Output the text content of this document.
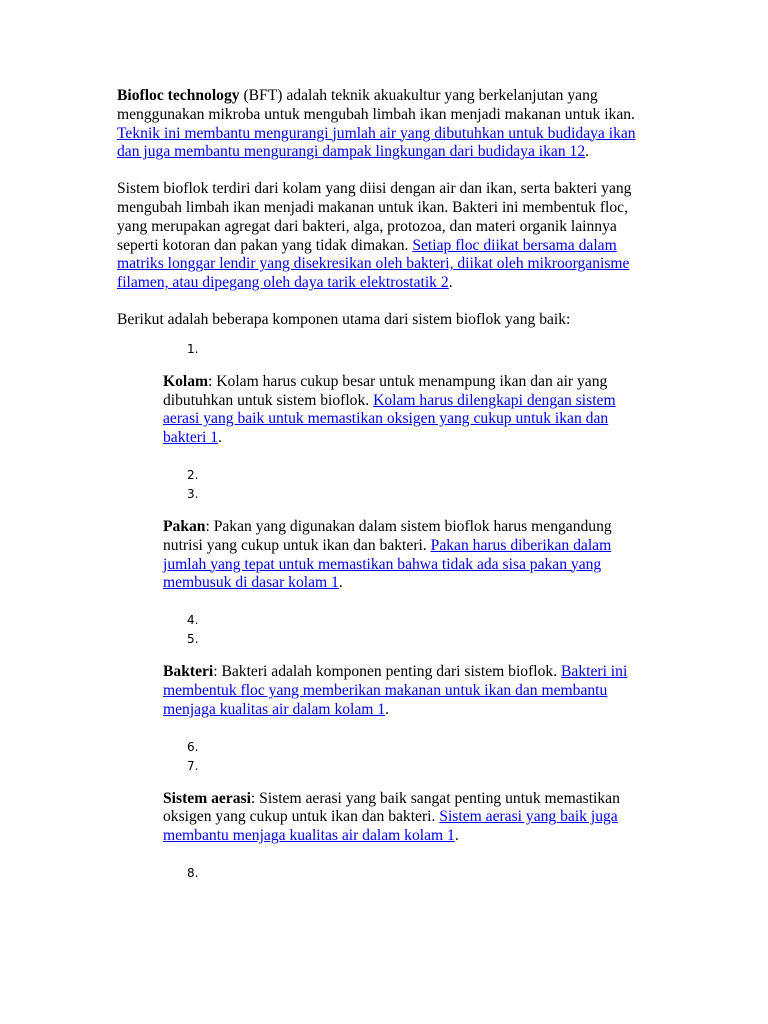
Biofloc technology (BFT) adalah teknik akuakultur yang berkelanjutan yang menggunakan mikroba untuk mengubah limbah ikan menjadi makanan untuk ikan. Teknik ini membantu mengurangi jumlah air yang dibutuhkan untuk budidaya ikan dan juga membantu mengurangi dampak lingkungan dari budidaya ikan 12.

Sistem bioflok terdiri dari kolam yang diisi dengan air dan ikan, serta bakteri yang mengubah limbah ikan menjadi makanan untuk ikan. Bakteri ini membentuk floc, yang merupakan agregat dari bakteri, alga, protozoa, dan materi organik lainnya seperti kotoran dan pakan yang tidak dimakan. Setiap floc diikat bersama dalam matriks longgar lendir yang disekresikan oleh bakteri, diikat oleh mikroorganisme filamen, atau dipegang oleh daya tarik elektrostatik 2.

Berikut adalah beberapa komponen utama dari sistem bioflok yang baik:

1.

Kolam: Kolam harus cukup besar untuk menampung ikan dan air yang dibutuhkan untuk sistem bioflok. Kolam harus dilengkapi dengan sistem aerasi yang baik untuk memastikan oksigen yang cukup untuk ikan dan bakteri 1.

2.

3.

Pakan: Pakan yang digunakan dalam sistem bioflok harus mengandung nutrisi yang cukup untuk ikan dan bakteri. Pakan harus diberikan dalam jumlah yang tepat untuk memastikan bahwa tidak ada sisa pakan yang membusuk di dasar kolam 1.

4.

5.

Bakteri: Bakteri adalah komponen penting dari sistem bioflok. Bakteri ini membentuk floc yang memberikan makanan untuk ikan dan membantu menjaga kualitas air dalam kolam 1.

6.

7.

Sistem aerasi: Sistem aerasi yang baik sangat penting untuk memastikan oksigen yang cukup untuk ikan dan bakteri. Sistem aerasi yang baik juga membantu menjaga kualitas air dalam kolam 1.

8.
